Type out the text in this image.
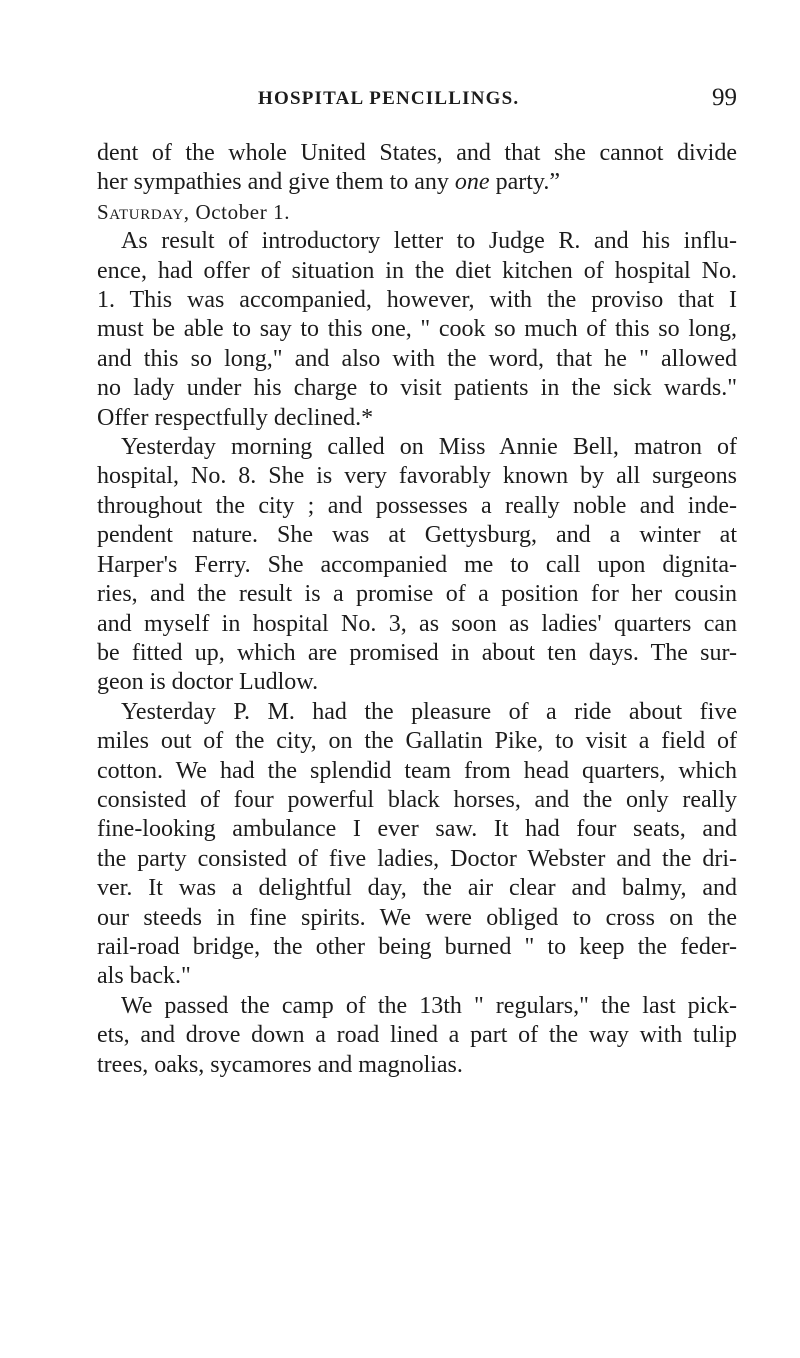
HOSPITAL PENCILLINGS.	99

dent of the whole United States, and that she cannot divide
her sympathies and give them to any one party.”

Saturday, October 1.

As result of introductory letter to Judge R. and his influ-
ence, had offer of situation in the diet kitchen of hospital No.
1. This was accompanied, however, with the proviso that I
must be able to say to this one, " cook so much of this so long,
and this so long," and also with the word, that he " allowed
no lady under his charge to visit patients in the sick wards."
Offer respectfully declined.*

Yesterday morning called on Miss Annie Bell, matron of
hospital, No. 8. She is very favorably known by all surgeons
throughout the city ; and possesses a really noble and inde-
pendent nature. She was at Gettysburg, and a winter at
Harper's Ferry. She accompanied me to call upon dignita-
ries, and the result is a promise of a position for her cousin
and myself in hospital No. 3, as soon as ladies' quarters can
be fitted up, which are promised in about ten days. The sur-
geon is doctor Ludlow.

Yesterday P. M. had the pleasure of a ride about five
miles out of the city, on the Gallatin Pike, to visit a field of
cotton. We had the splendid team from head quarters, which
consisted of four powerful black horses, and the only really
fine-looking ambulance I ever saw. It had four seats, and
the party consisted of five ladies, Doctor Webster and the dri-
ver. It was a delightful day, the air clear and balmy, and
our steeds in fine spirits. We were obliged to cross on the
rail-road bridge, the other being burned " to keep the feder-
als back."

We passed the camp of the 13th " regulars," the last pick-
ets, and drove down a road lined a part of the way with tulip
trees, oaks, sycamores and magnolias.
